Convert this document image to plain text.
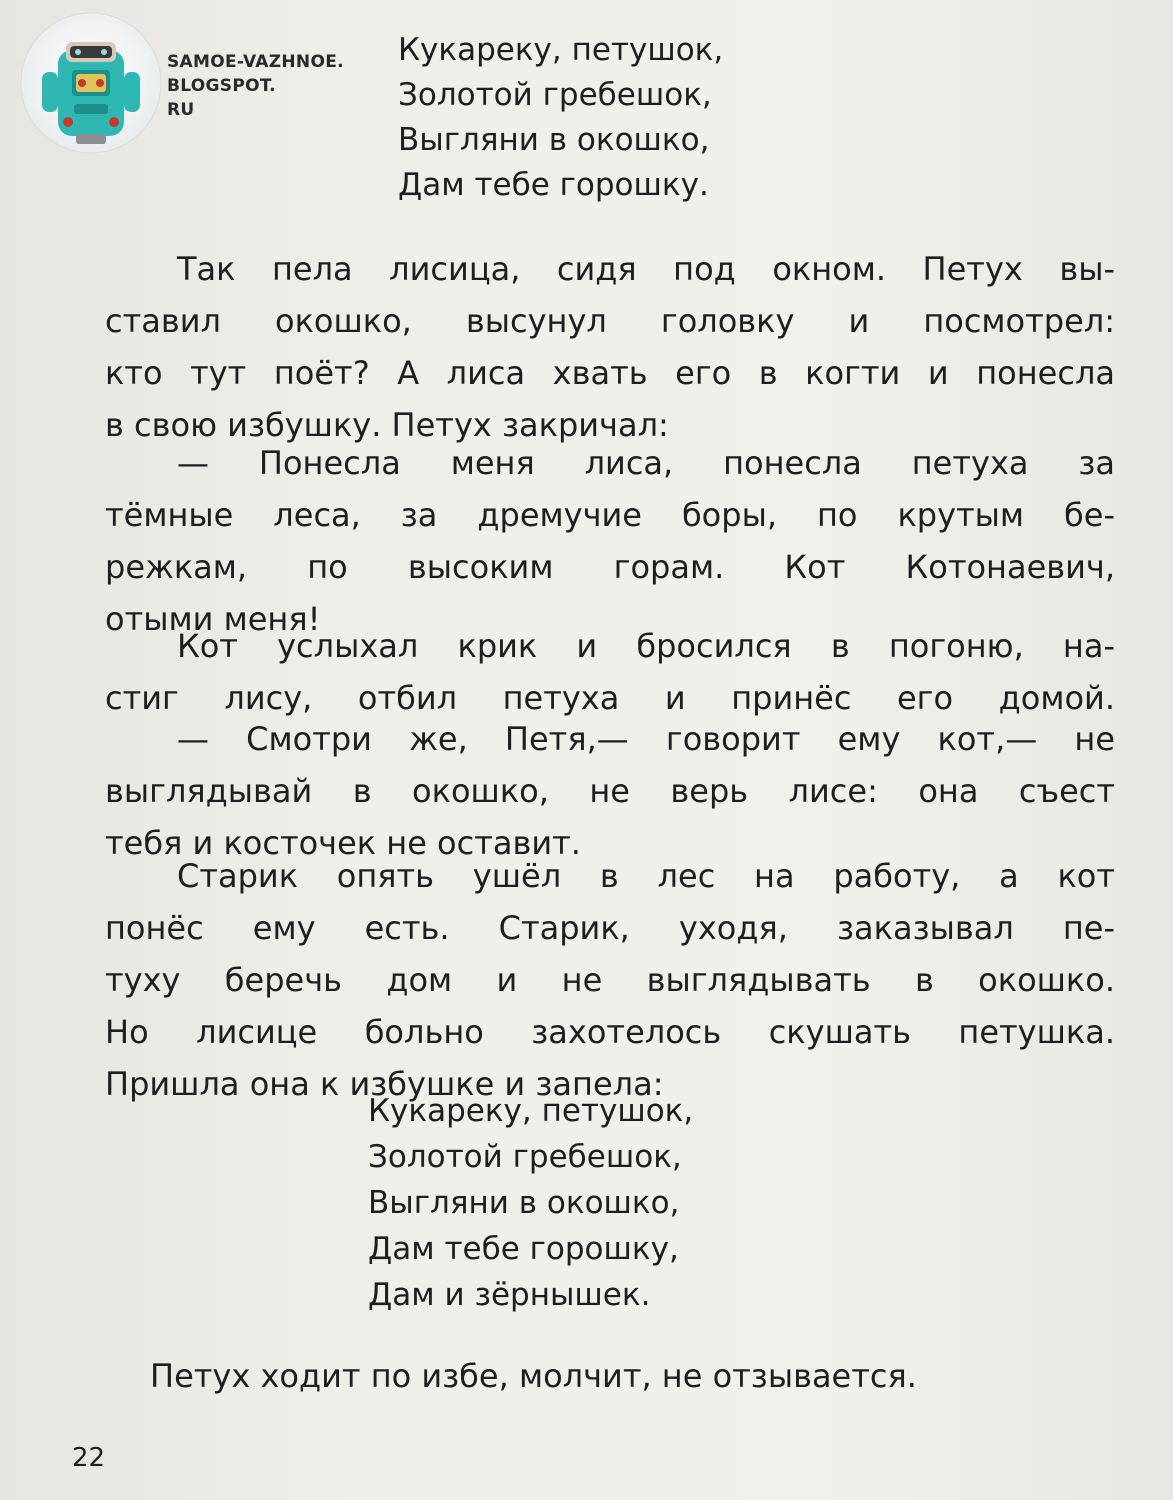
SAMOE-VAZHNOE.
BLOGSPOT.
RU
Кукареку, петушок,
Золотой гребешок,
Выгляни в окошко,
Дам тебе горошку.
Так пела лисица, сидя под окном. Петух вы-
ставил окошко, высунул головку и посмотрел:
кто тут поёт? А лиса хвать его в когти и понесла
в свою избушку. Петух закричал:
— Понесла меня лиса, понесла петуха за
тёмные леса, за дремучие боры, по крутым бе-
режкам, по высоким горам. Кот Котонаевич,
отыми меня!
Кот услыхал крик и бросился в погоню, на-
стиг лису, отбил петуха и принёс его домой.
— Смотри же, Петя,— говорит ему кот,— не
выглядывай в окошко, не верь лисе: она съест
тебя и косточек не оставит.
Старик опять ушёл в лес на работу, а кот
понёс ему есть. Старик, уходя, заказывал пе-
туху беречь дом и не выглядывать в окошко.
Но лисице больно захотелось скушать петушка.
Пришла она к избушке и запела:
Кукареку, петушок,
Золотой гребешок,
Выгляни в окошко,
Дам тебе горошку,
Дам и зёрнышек.
Петух ходит по избе, молчит, не отзывается.
22
